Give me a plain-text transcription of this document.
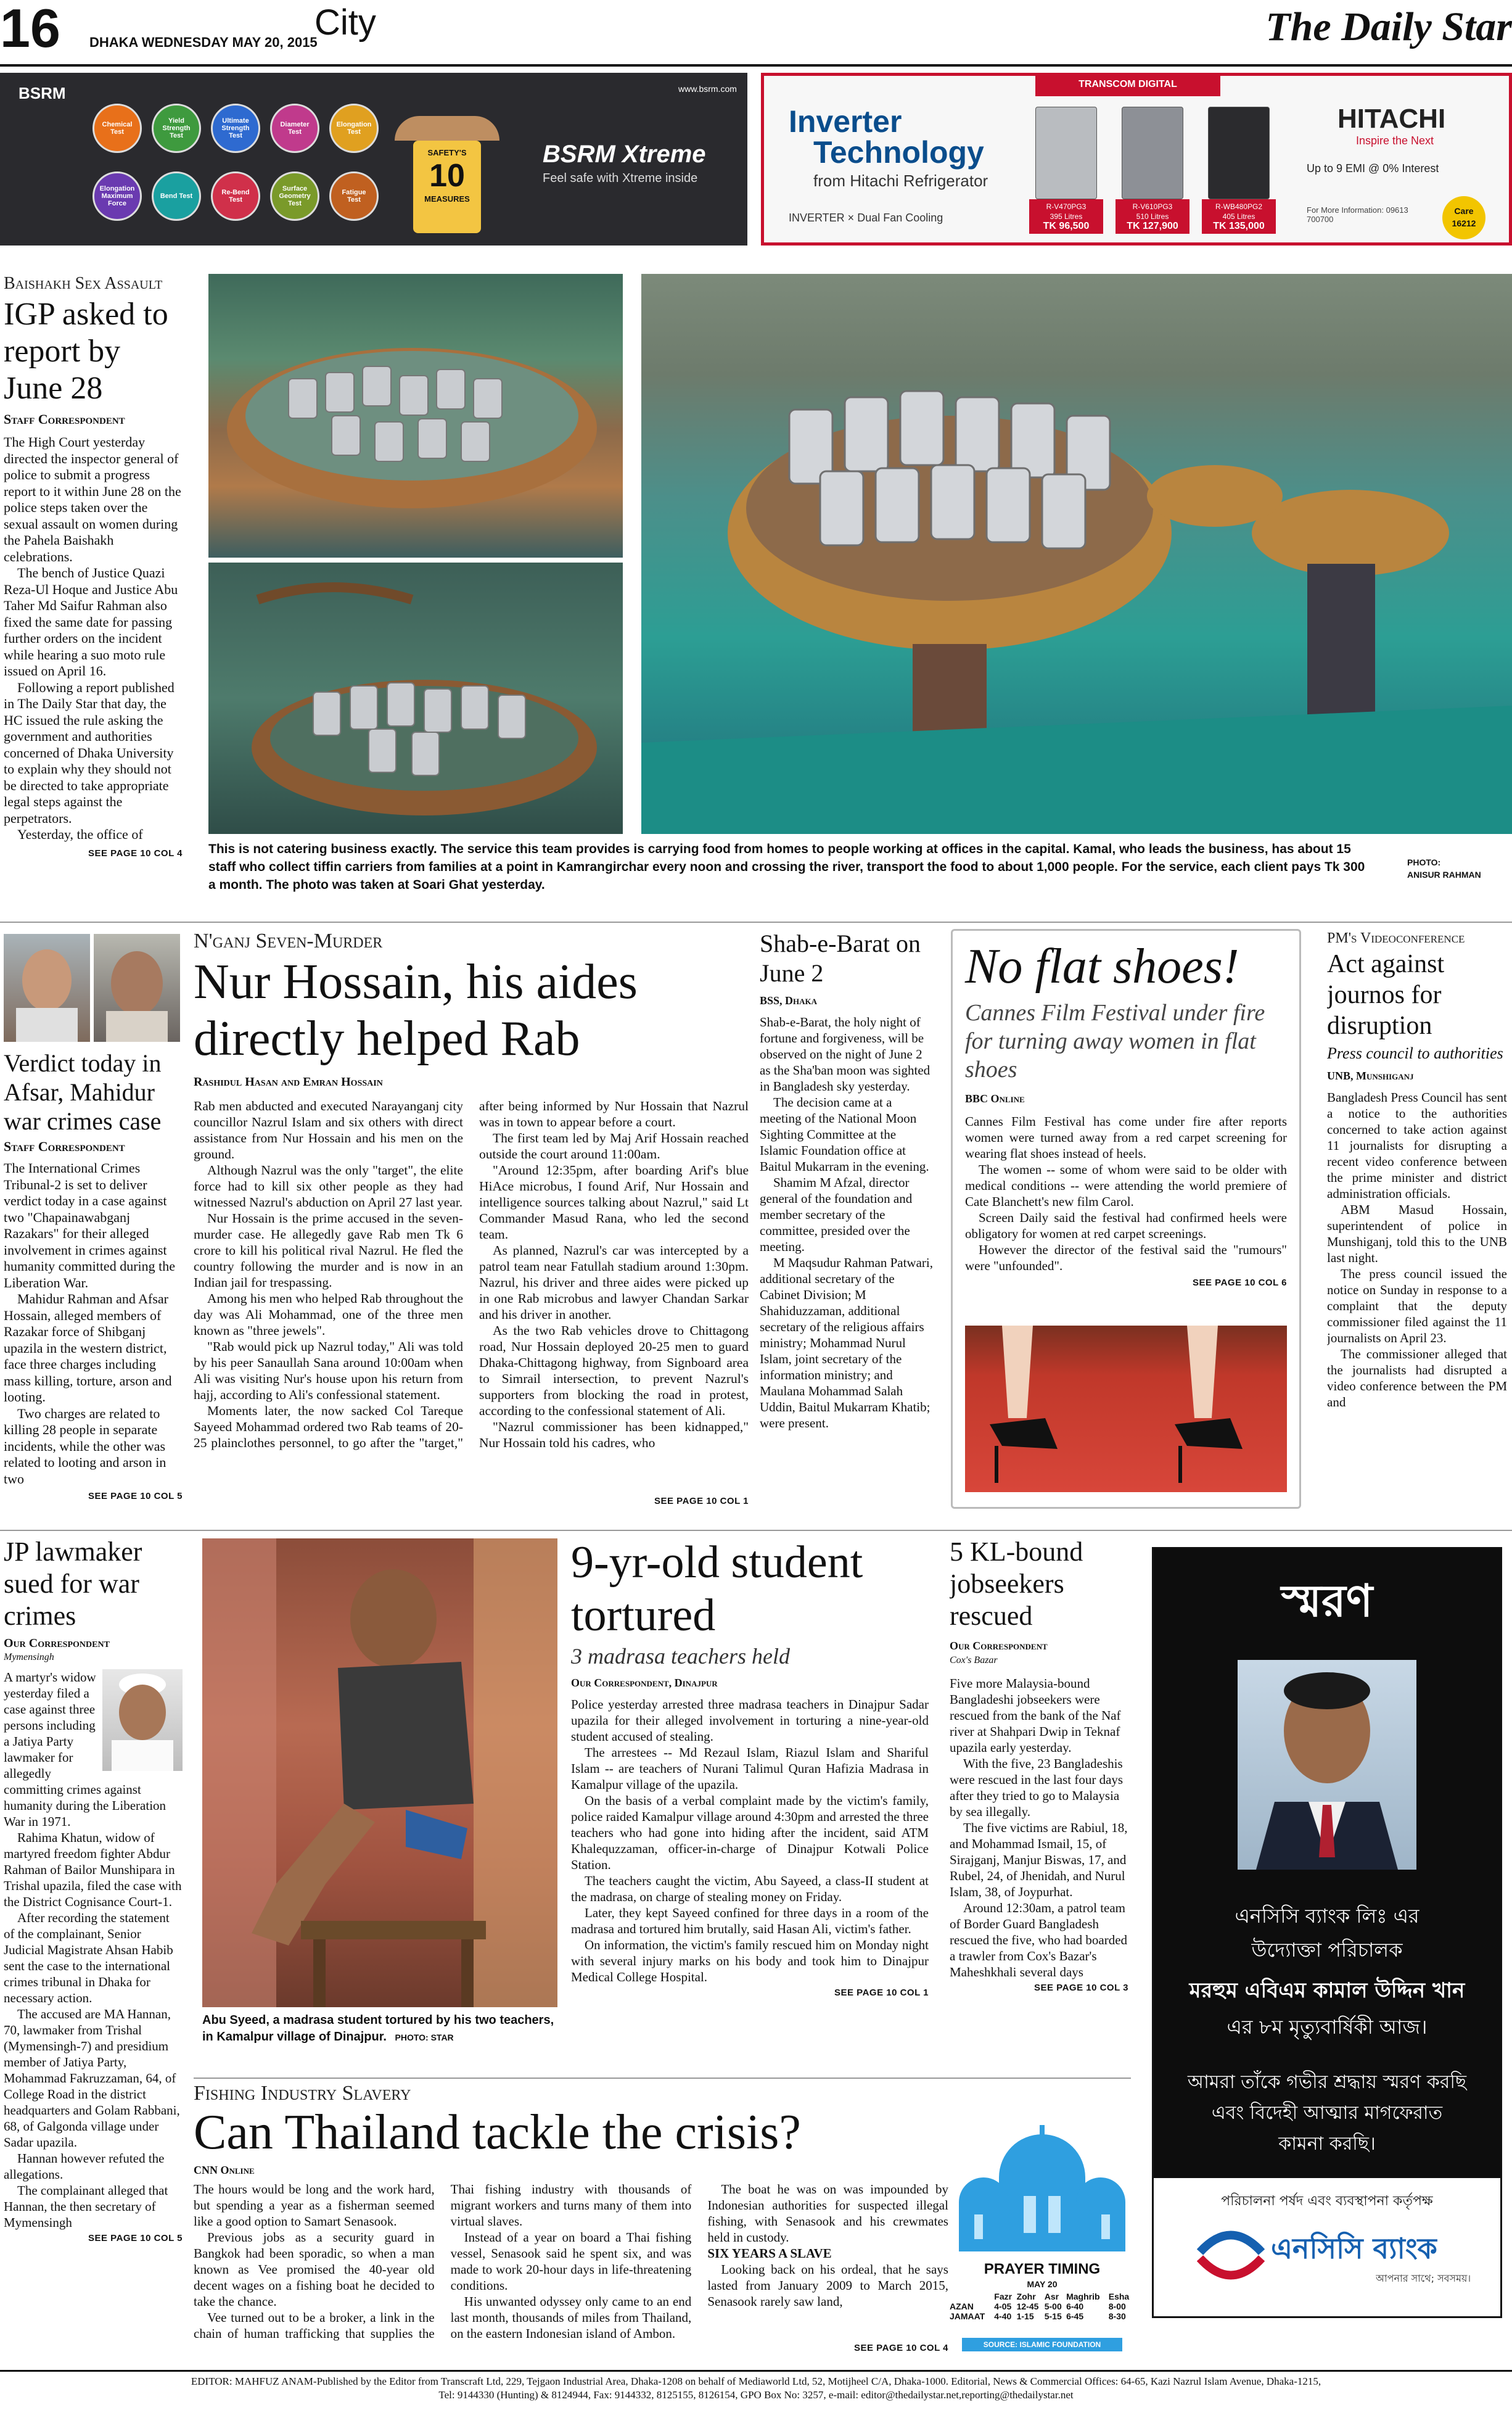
16 DHAKA WEDNESDAY MAY 20, 2015
City	The Daily Star
BSRM	www.bsrm.com
Chemical Test
Yield Strength Test
Ultimate Strength Test
Diameter Test
Elongation Test
Elongation Maximum Force
Bend Test	Re-Bend Test
Surface Geometry Test
Fatigue Test
SAFETY'S
10
MEASURES
BSRM Xtreme
Feel safe with Xtreme inside
TRANSCOM DIGITAL
Inverter
Technology
from Hitachi Refrigerator
INVERTER × Dual Fan Cooling
R-V470PG3
395 Litres
TK 96,500
R-V610PG3
510 Litres
TK 127,900
R-WB480PG2
405 Litres
TK 135,000
HITACHI
Inspire the Next
Up to 9 EMI @ 0% Interest
For More Information: 09613 700700
Care 16212
Baishakh Sex Assault
IGP asked to report by June 28
Staff Correspondent

The High Court yesterday directed the inspector general of police to submit a progress report to it within June 28 on the police steps taken over the sexual assault on women during the Pahela Baishakh celebrations.

The bench of Justice Quazi Reza-Ul Hoque and Justice Abu Taher Md Saifur Rahman also fixed the same date for passing further orders on the incident while hearing a suo moto rule issued on April 16.

Following a report published in The Daily Star that day, the HC issued the rule asking the government and authorities concerned of Dhaka University to explain why they should not be directed to take appropriate legal steps against the perpetrators.

Yesterday, the office of

SEE PAGE 10 COL 4 This is not catering business exactly. The service this team provides is carrying food from homes to people working at offices in the capital. Kamal, who leads the business, has about 15 staff who collect tiffin carriers from families at a point in Kamrangirchar every noon and crossing the river, transport the food to about 1,000 people. For the service, each client pays Tk 300 a month. The photo was taken at Soari Ghat yesterday.
PHOTO:
ANISUR RAHMAN
Verdict today in Afsar, Mahidur war crimes case
Staff Correspondent

The International Crimes Tribunal-2 is set to deliver verdict today in a case against two "Chapainawabganj Razakars" for their alleged involvement in crimes against humanity committed during the Liberation War.

Mahidur Rahman and Afsar Hossain, alleged members of Razakar force of Shibganj upazila in the western district, face three charges including mass killing, torture, arson and looting.

Two charges are related to killing 28 people in separate incidents, while the other was related to looting and arson in two

SEE PAGE 10 COL 5
N'ganj Seven-Murder
Nur Hossain, his aides directly helped Rab
Rashidul Hasan and Emran Hossain

Rab men abducted and executed Narayanganj city councillor Nazrul Islam and six others with direct assistance from Nur Hossain and his men on the ground.

Although Nazrul was the only "target", the elite force had to kill six other people as they had witnessed Nazrul's abduction on April 27 last year.

Nur Hossain is the prime accused in the seven-murder case. He allegedly gave Rab men Tk 6 crore to kill his political rival Nazrul. He fled the country following the murder and is now in an Indian jail for trespassing.

Among his men who helped Rab throughout the day was Ali Mohammad, one of the three men known as "three jewels".

"Rab would pick up Nazrul today," Ali was told by his peer Sanaullah Sana around 10:00am when Ali was visiting Nur's house upon his return from hajj, according to Ali's confessional statement.

Moments later, the now sacked Col Tareque Sayeed Mohammad ordered two Rab teams of 20-25 plainclothes personnel, to go after the "target," after being informed by Nur Hossain that Nazrul was in town to appear before a court.

The first team led by Maj Arif Hossain reached outside the court around 11:00am.

"Around 12:35pm, after boarding Arif's blue HiAce microbus, I found Arif, Nur Hossain and intelligence sources talking about Nazrul," said Lt Commander Masud Rana, who led the second team.

As planned, Nazrul's car was intercepted by a patrol team near Fatullah stadium around 1:30pm. Nazrul, his driver and three aides were picked up in one Rab microbus and lawyer Chandan Sarkar and his driver in another.

As the two Rab vehicles drove to Chittagong road, Nur Hossain deployed 20-25 men to guard Dhaka-Chittagong highway, from Signboard area to Simrail intersection, to prevent Nazrul's supporters from blocking the road in protest, according to the confessional statement of Ali.

"Nazrul commissioner has been kidnapped," Nur Hossain told his cadres, who

SEE PAGE 10 COL 1
Shab-e-Barat on June 2
BSS, Dhaka

Shab-e-Barat, the holy night of fortune and forgiveness, will be observed on the night of June 2 as the Sha'ban moon was sighted in Bangladesh sky yesterday.

The decision came at a meeting of the National Moon Sighting Committee at the Islamic Foundation office at Baitul Mukarram in the evening.

Shamim M Afzal, director general of the foundation and member secretary of the committee, presided over the meeting.

M Maqsudur Rahman Patwari, additional secretary of the Cabinet Division; M Shahiduzzaman, additional secretary of the religious affairs ministry; Mohammad Nurul Islam, joint secretary of the information ministry; and Maulana Mohammad Salah Uddin, Baitul Mukarram Khatib; were present.

No flat shoes!
Cannes Film Festival under fire for turning away women in flat shoes
BBC Online

Cannes Film Festival has come under fire after reports women were turned away from a red carpet screening for wearing flat shoes instead of heels.

The women -- some of whom were said to be older with medical conditions -- were attending the world premiere of Cate Blanchett's new film Carol.

Screen Daily said the festival had confirmed heels were obligatory for women at red carpet screenings.

However the director of the festival said the "rumours" were "unfounded".

SEE PAGE 10 COL 6
PM's Videoconference
Act against journos for disruption
Press council to authorities
UNB, Munshiganj

Bangladesh Press Council has sent a notice to the authorities concerned to take action against 11 journalists for disrupting a recent video conference between the prime minister and district administration officials.

ABM Masud Hossain, superintendent of police in Munshiganj, told this to the UNB last night.

The press council issued the notice on Sunday in response to a complaint that the deputy commissioner filed against the 11 journalists on April 23.

The commissioner alleged that the journalists had disrupted a video conference between the PM and

JP lawmaker sued for war crimes
Our Correspondent
Mymensingh

A martyr's widow yesterday filed a case against three persons including a Jatiya Party lawmaker for allegedly committing crimes against humanity during the Liberation War in 1971.

Rahima Khatun, widow of martyred freedom fighter Abdur Rahman of Bailor Munshipara in Trishal upazila, filed the case with the District Cognisance Court-1.

After recording the statement of the complainant, Senior Judicial Magistrate Ahsan Habib sent the case to the international crimes tribunal in Dhaka for necessary action.

The accused are MA Hannan, 70, lawmaker from Trishal (Mymensingh-7) and presidium member of Jatiya Party, Mohammad Fakruzzaman, 64, of College Road in the district headquarters and Golam Rabbani, 68, of Galgonda village under Sadar upazila.

Hannan however refuted the allegations.

The complainant alleged that Hannan, the then secretary of Mymensingh

SEE PAGE 10 COL 5
Abu Syeed, a madrasa student tortured by his two teachers, in Kamalpur village of Dinajpur. PHOTO: STAR
9-yr-old student tortured
3 madrasa teachers held
Our Correspondent, Dinajpur

Police yesterday arrested three madrasa teachers in Dinajpur Sadar upazila for their alleged involvement in torturing a nine-year-old student accused of stealing.

The arrestees -- Md Rezaul Islam, Riazul Islam and Shariful Islam -- are teachers of Nurani Talimul Quran Hafizia Madrasa in Kamalpur village of the upazila.

On the basis of a verbal complaint made by the victim's family, police raided Kamalpur village around 4:30pm and arrested the three teachers who had gone into hiding after the incident, said ATM Khalequzzaman, officer-in-charge of Dinajpur Kotwali Police Station.

The teachers caught the victim, Abu Sayeed, a class-II student at the madrasa, on charge of stealing money on Friday.

Later, they kept Sayeed confined for three days in a room of the madrasa and tortured him brutally, said Hasan Ali, victim's father.

On information, the victim's family rescued him on Monday night with several injury marks on his body and took him to Dinajpur Medical College Hospital.

SEE PAGE 10 COL 1
5 KL-bound jobseekers rescued
Our Correspondent
Cox's Bazar

Five more Malaysia-bound Bangladeshi jobseekers were rescued from the bank of the Naf river at Shahpari Dwip in Teknaf upazila early yesterday.

With the five, 23 Bangladeshis were rescued in the last four days after they tried to go to Malaysia by sea illegally.

The five victims are Rabiul, 18, and Mohammad Ismail, 15, of Sirajganj, Manjur Biswas, 17, and Rubel, 24, of Jhenidah, and Nurul Islam, 38, of Joypurhat.

Around 12:30am, a patrol team of Border Guard Bangladesh rescued the five, who had boarded a trawler from Cox's Bazar's Maheshkhali several days

SEE PAGE 10 COL 3
স্মরণ
এনসিসি ব্যাংক লিঃ এর
উদ্যোক্তা পরিচালক
মরহুম এবিএম কামাল উদ্দিন খান
এর ৮ম মৃত্যুবার্ষিকী আজ।
আমরা তাঁকে গভীর শ্রদ্ধায় স্মরণ করছি
এবং বিদেহী আত্মার মাগফেরাত
কামনা করছি।
পরিচালনা পর্ষদ এবং ব্যবস্থাপনা কর্তৃপক্ষ
এনসিসি ব্যাংক
আপনার সাথে; সবসময়।
Fishing Industry Slavery
Can Thailand tackle the crisis?
CNN Online

The hours would be long and the work hard, but spending a year as a fisherman seemed like a good option to Samart Senasook.

Previous jobs as a security guard in Bangkok had been sporadic, so when a man known as Vee promised the 40-year old decent wages on a fishing boat he decided to take the chance.

Vee turned out to be a broker, a link in the chain of human trafficking that supplies the Thai fishing industry with thousands of migrant workers and turns many of them into virtual slaves.

Instead of a year on board a Thai fishing vessel, Senasook said he spent six, and was made to work 20-hour days in life-threatening conditions.

His unwanted odyssey only came to an end last month, thousands of miles from Thailand, on the eastern Indonesian island of Ambon.

The boat he was on was impounded by Indonesian authorities for suspected illegal fishing, with Senasook and his crewmates held in custody.

SIX YEARS A SLAVE

Looking back on his ordeal, that he says lasted from January 2009 to March 2015, Senasook rarely saw land,

SEE PAGE 10 COL 4
PRAYER TIMING
MAY 20
	Fazr	Zohr	Asr	Maghrib	Esha
AZAN	4-05	12-45	5-00	6-40	8-00
JAMAAT	4-40	1-15	5-15	6-45	8-30
SOURCE: ISLAMIC FOUNDATION
EDITOR: MAHFUZ ANAM-Published by the Editor from Transcraft Ltd, 229, Tejgaon Industrial Area, Dhaka-1208 on behalf of Mediaworld Ltd, 52, Motijheel C/A, Dhaka-1000. Editorial, News & Commercial Offices: 64-65, Kazi Nazrul Islam Avenue, Dhaka-1215,
Tel: 9144330 (Hunting) & 8124944, Fax: 9144332, 8125155, 8126154, GPO Box No: 3257, e-mail: editor@thedailystar.net,reporting@thedailystar.net
